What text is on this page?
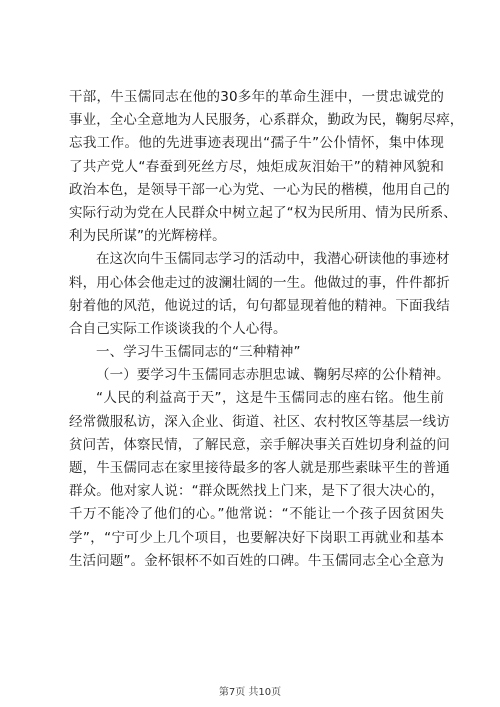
干部，牛玉儒同志在他的30多年的革命生涯中，一贯忠诚党的
事业，全心全意地为人民服务，心系群众，勤政为民，鞠躬尽瘁，
忘我工作。他的先进事迹表现出“孺子牛”公仆情怀，集中体现
了共产党人“春蚕到死丝方尽，烛炬成灰泪始干”的精神风貌和
政治本色，是领导干部一心为党、一心为民的楷模，他用自己的
实际行动为党在人民群众中树立起了“权为民所用、情为民所系、
利为民所谋”的光辉榜样。
在这次向牛玉儒同志学习的活动中，我潜心研读他的事迹材
料，用心体会他走过的波澜壮阔的一生。他做过的事，件件都折
射着他的风范，他说过的话，句句都显现着他的精神。下面我结
合自己实际工作谈谈我的个人心得。
一、学习牛玉儒同志的“三种精神”
（一）要学习牛玉儒同志赤胆忠诚、鞠躬尽瘁的公仆精神。
“人民的利益高于天”，这是牛玉儒同志的座右铭。他生前
经常微服私访，深入企业、街道、社区、农村牧区等基层一线访
贫问苦，体察民情，了解民意，亲手解决事关百姓切身利益的问
题，牛玉儒同志在家里接待最多的客人就是那些素昧平生的普通
群众。他对家人说：“群众既然找上门来，是下了很大决心的，
千万不能冷了他们的心。”他常说：“不能让一个孩子因贫困失
学”，“宁可少上几个项目，也要解决好下岗职工再就业和基本
生活问题”。金杯银杯不如百姓的口碑。牛玉儒同志全心全意为
第7页 共10页
